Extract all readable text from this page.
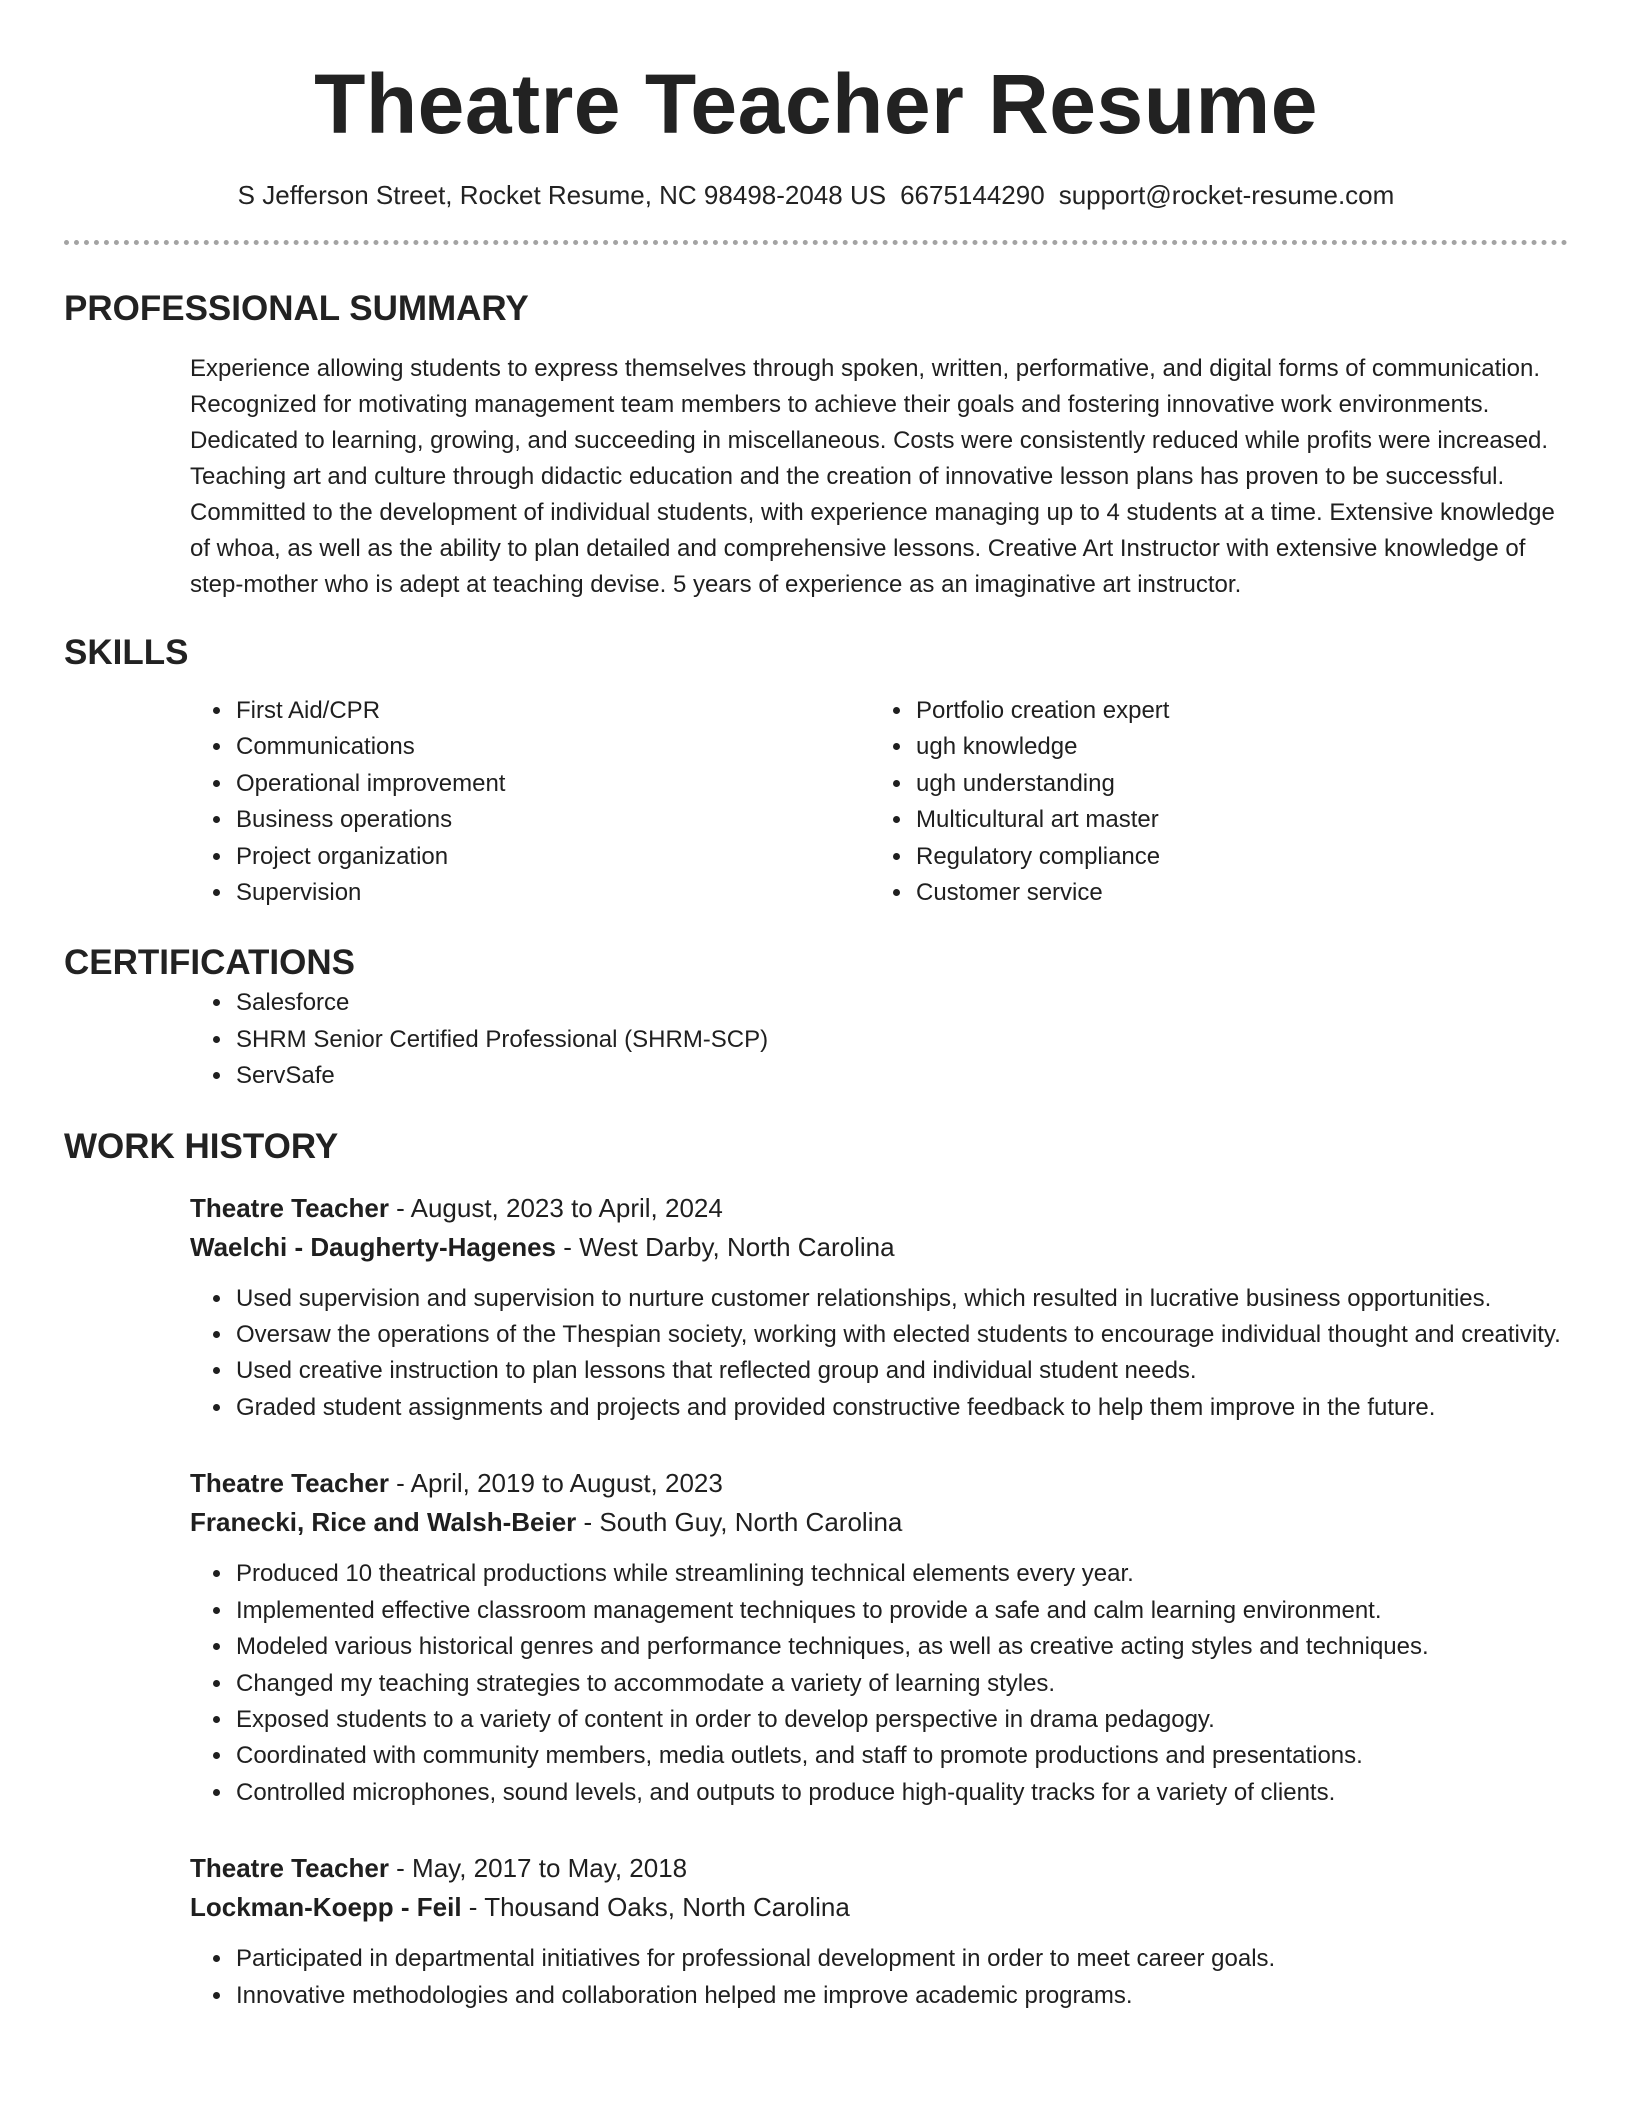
Theatre Teacher Resume
S Jefferson Street, Rocket Resume, NC 98498-2048 US 6675144290 support@rocket-resume.com
PROFESSIONAL SUMMARY

Experience allowing students to express themselves through spoken, written, performative, and digital forms of communication. Recognized for motivating management team members to achieve their goals and fostering innovative work environments. Dedicated to learning, growing, and succeeding in miscellaneous. Costs were consistently reduced while profits were increased. Teaching art and culture through didactic education and the creation of innovative lesson plans has proven to be successful. Committed to the development of individual students, with experience managing up to 4 students at a time. Extensive knowledge of whoa, as well as the ability to plan detailed and comprehensive lessons. Creative Art Instructor with extensive knowledge of step-mother who is adept at teaching devise. 5 years of experience as an imaginative art instructor.

SKILLS
• First Aid/CPR
• Communications
• Operational improvement
• Business operations
• Project organization
• Supervision
• Portfolio creation expert
• ugh knowledge
• ugh understanding
• Multicultural art master
• Regulatory compliance
• Customer service
CERTIFICATIONS
• Salesforce
• SHRM Senior Certified Professional (SHRM-SCP)
• ServSafe
WORK HISTORY
Theatre Teacher - August, 2023 to April, 2024
Waelchi - Daugherty-Hagenes - West Darby, North Carolina
• Used supervision and supervision to nurture customer relationships, which resulted in lucrative business opportunities.
• Oversaw the operations of the Thespian society, working with elected students to encourage individual thought and creativity.
• Used creative instruction to plan lessons that reflected group and individual student needs.
• Graded student assignments and projects and provided constructive feedback to help them improve in the future.
Theatre Teacher - April, 2019 to August, 2023
Franecki, Rice and Walsh-Beier - South Guy, North Carolina
• Produced 10 theatrical productions while streamlining technical elements every year.
• Implemented effective classroom management techniques to provide a safe and calm learning environment.
• Modeled various historical genres and performance techniques, as well as creative acting styles and techniques.
• Changed my teaching strategies to accommodate a variety of learning styles.
• Exposed students to a variety of content in order to develop perspective in drama pedagogy.
• Coordinated with community members, media outlets, and staff to promote productions and presentations.
• Controlled microphones, sound levels, and outputs to produce high-quality tracks for a variety of clients.
Theatre Teacher - May, 2017 to May, 2018
Lockman-Koepp - Feil - Thousand Oaks, North Carolina
• Participated in departmental initiatives for professional development in order to meet career goals.
• Innovative methodologies and collaboration helped me improve academic programs.
